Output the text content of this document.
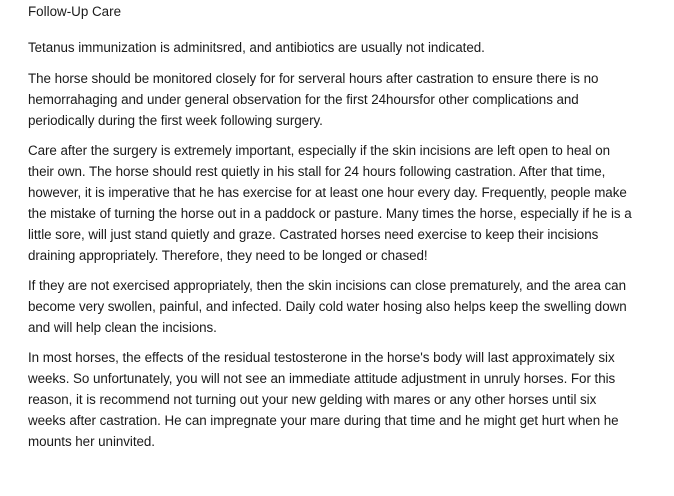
Follow-Up Care

Tetanus immunization is adminitsred, and antibiotics are usually not indicated.

The horse should be monitored closely for for serveral hours after castration to ensure there is no hemorrahaging and under general observation for the first 24hoursfor other complications and periodically during the first week following surgery.

Care after the surgery is extremely important, especially if the skin incisions are left open to heal on their own. The horse should rest quietly in his stall for 24 hours following castration. After that time, however, it is imperative that he has exercise for at least one hour every day. Frequently, people make the mistake of turning the horse out in a paddock or pasture. Many times the horse, especially if he is a little sore, will just stand quietly and graze. Castrated horses need exercise to keep their incisions draining appropriately. Therefore, they need to be longed or chased!

If they are not exercised appropriately, then the skin incisions can close prematurely, and the area can become very swollen, painful, and infected. Daily cold water hosing also helps keep the swelling down and will help clean the incisions.

In most horses, the effects of the residual testosterone in the horse's body will last approximately six weeks. So unfortunately, you will not see an immediate attitude adjustment in unruly horses. For this reason, it is recommend not turning out your new gelding with mares or any other horses until six weeks after castration. He can impregnate your mare during that time and he might get hurt when he mounts her uninvited.
